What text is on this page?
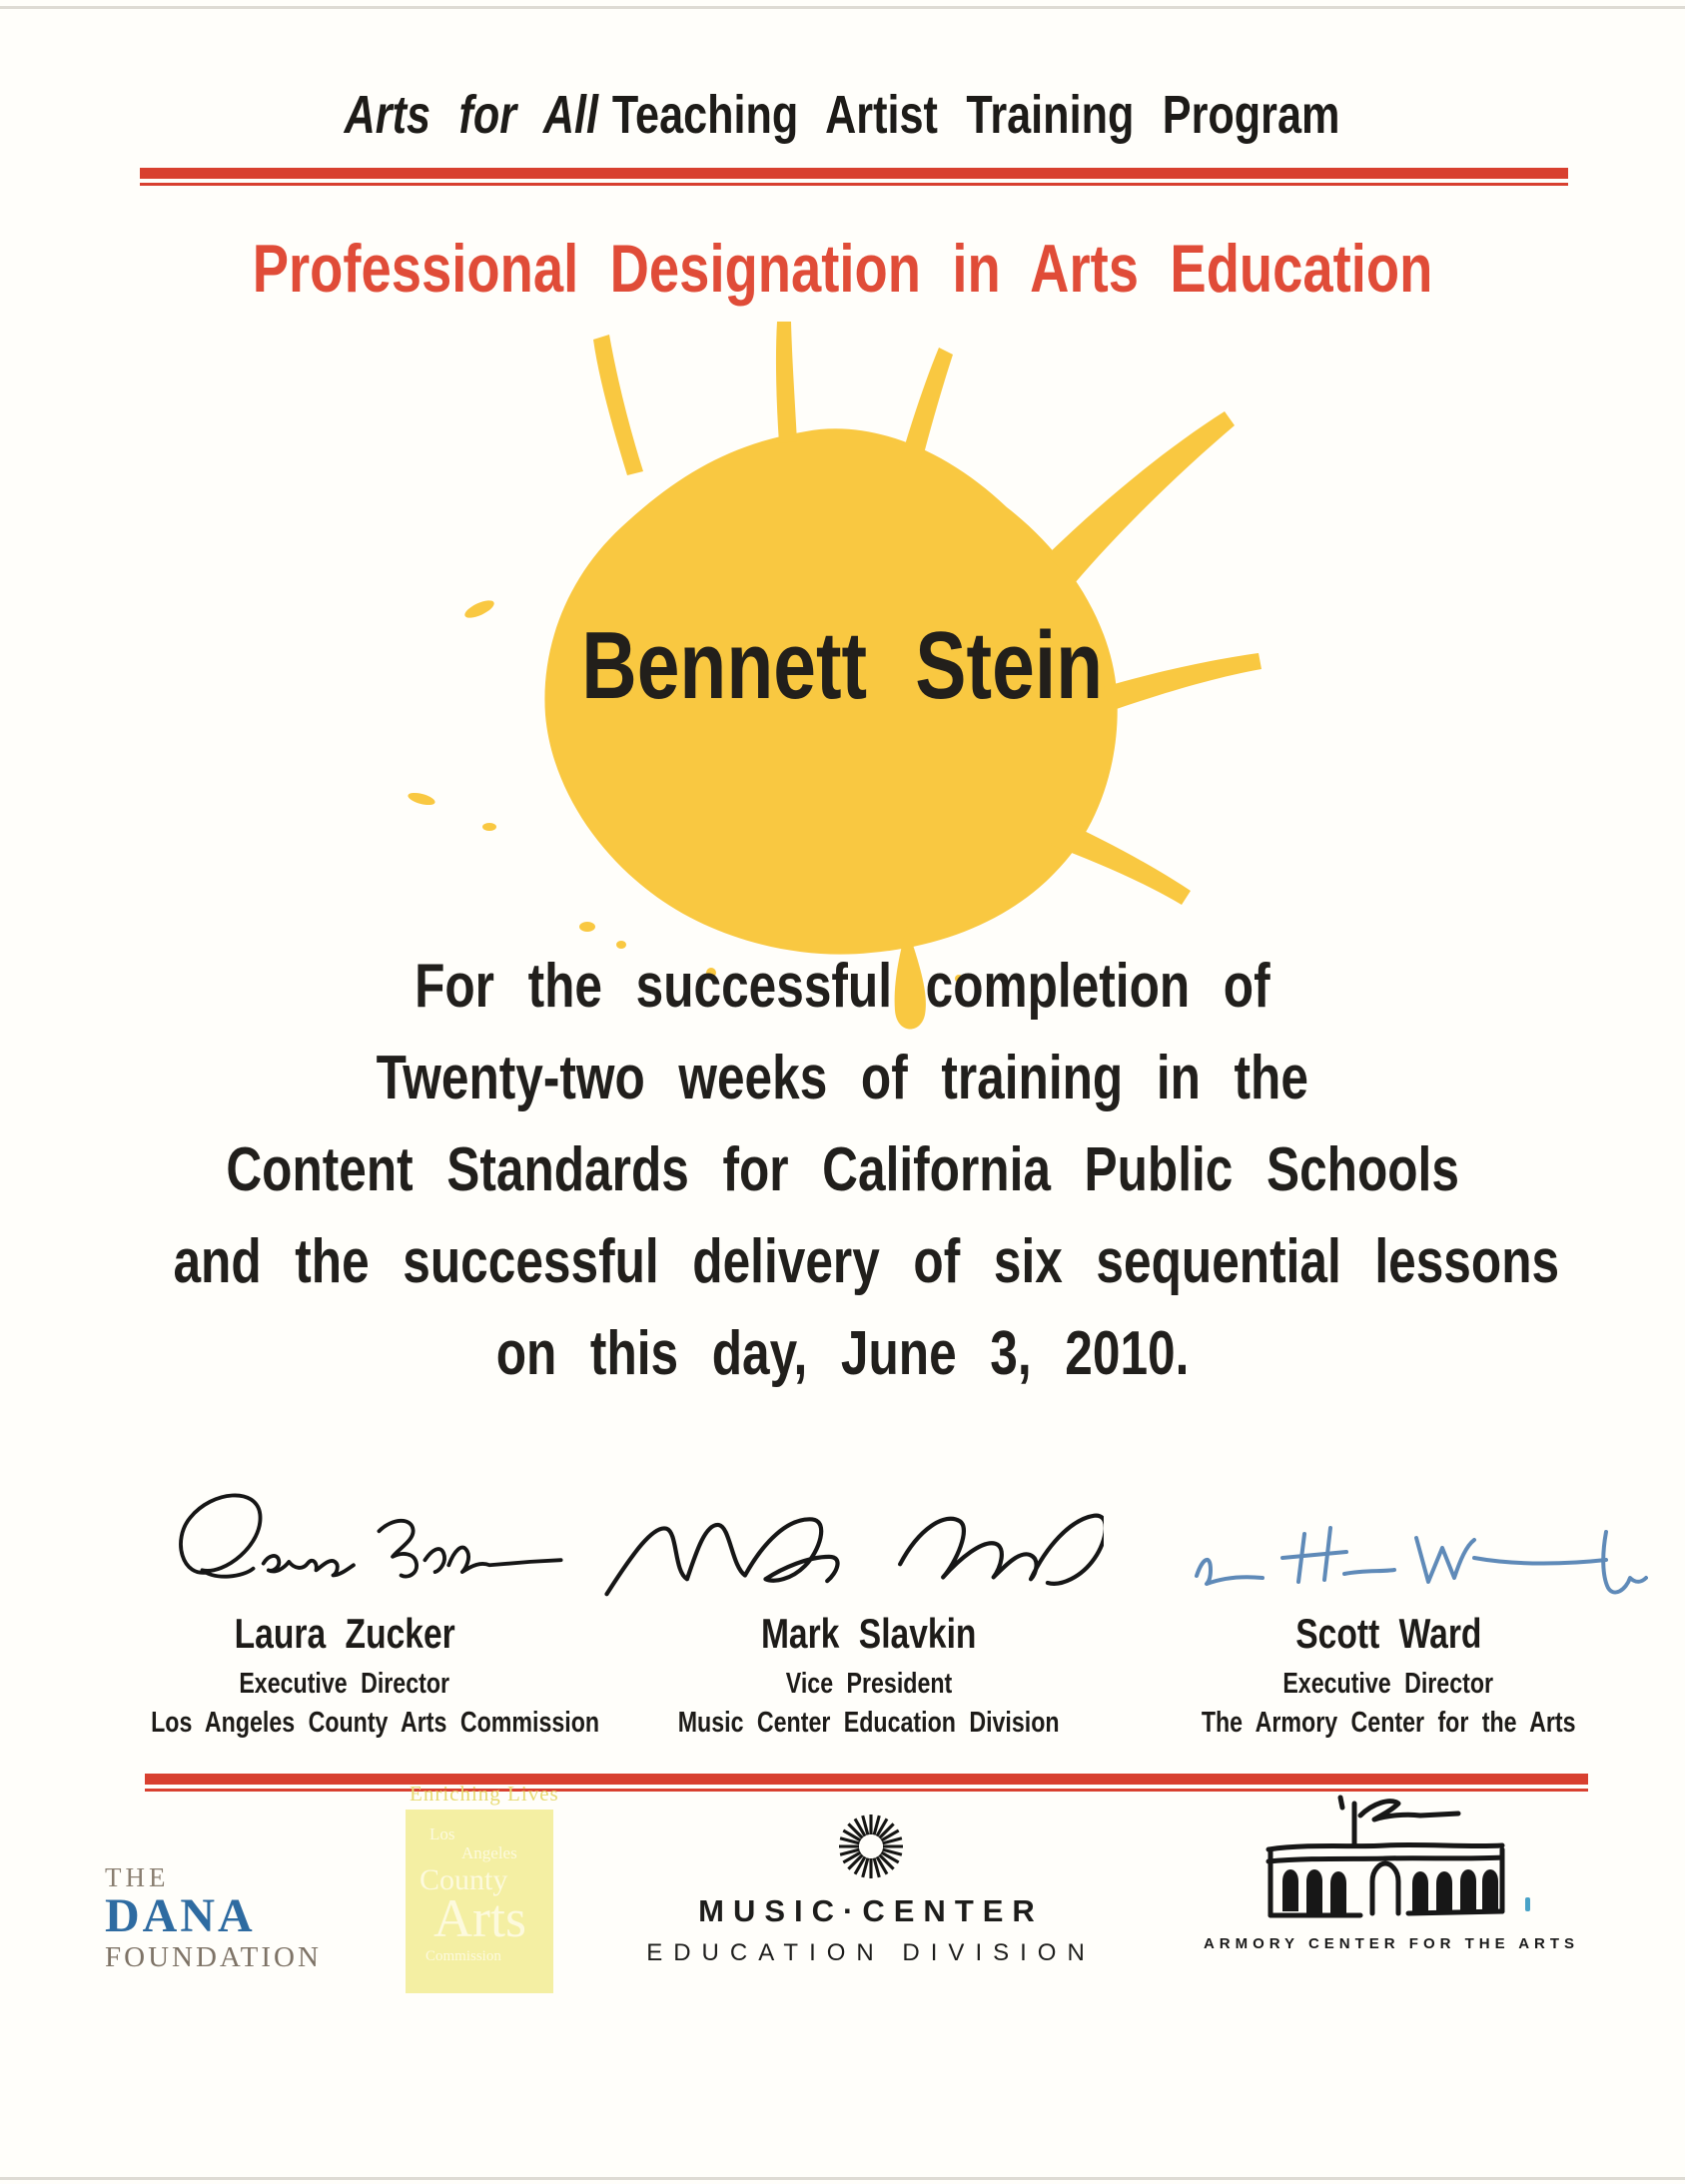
Arts for All Teaching Artist Training Program
Professional Designation in Arts Education
Bennett Stein
For the successful completion of
Twenty-two weeks of training in the
Content Standards for California Public Schools
and the successful delivery of six sequential lessons
on this day, June 3, 2010.
Laura Zucker
Executive Director
Los Angeles County Arts Commission
Mark Slavkin
Vice President
Music Center Education Division
Scott Ward
Executive Director
The Armory Center for the Arts
THE
DANA
FOUNDATION
Enriching Lives
Los
Angeles
County
Arts
Commission
MUSIC·CENTER
EDUCATION DIVISION	ARMORY CENTER FOR THE ARTS
